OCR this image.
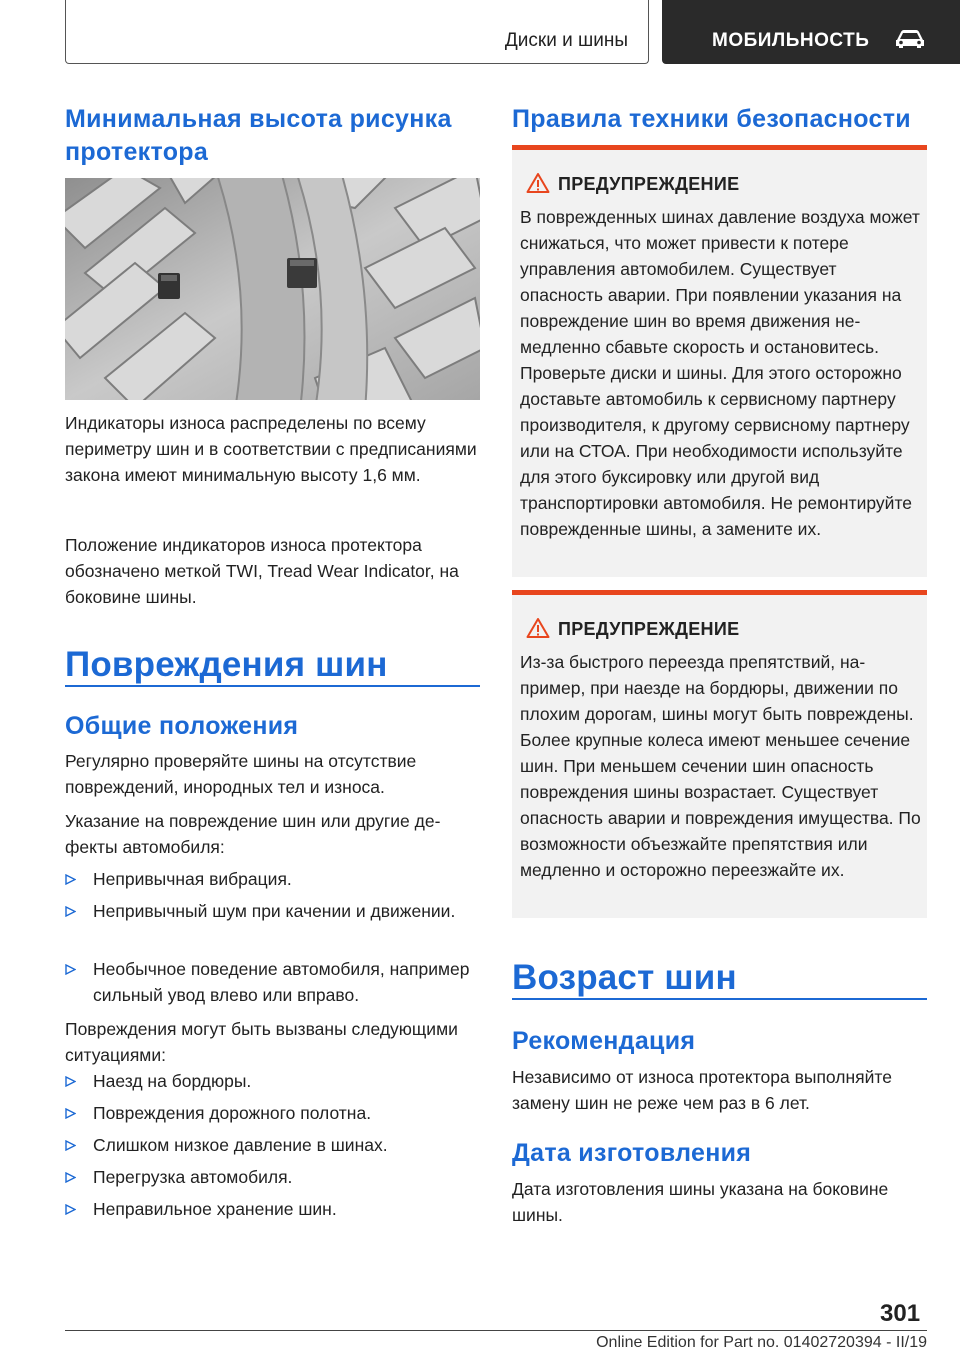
Диски и шины	МОБИЛЬНОСТЬ
Минимальная высота рисунка протектора
Индикаторы износа распределены по всему периметру шин и в соответствии с предписаниями закона имеют минимальную высоту 1,6 мм.
Положение индикаторов износа протектора обозначено меткой TWI, Tread Wear Indicator, на боковине шины.
Повреждения шин
Общие положения
Регулярно проверяйте шины на отсутствие повреждений, инородных тел и износа.
Указание на повреждение шин или другие дефекты автомобиля:
Непривычная вибрация.
Непривычный шум при качении и движении.
Необычное поведение автомобиля, например сильный увод влево или вправо.
Повреждения могут быть вызваны следующими ситуациями:
Наезд на бордюры.
Повреждения дорожного полотна.
Слишком низкое давление в шинах.
Перегрузка автомобиля.
Неправильное хранение шин.
Правила техники безопасности
ПРЕДУПРЕЖДЕНИЕ
В поврежденных шинах давление воздуха может снижаться, что может привести к потере управления автомобилем. Существует опасность аварии. При появлении указания на повреждение шин во время движения немедленно сбавьте скорость и остановитесь. Проверьте диски и шины. Для этого осторожно доставьте автомобиль к сервисному партнеру производителя, к другому сервисному партнеру или на СТОА. При необходимости используйте для этого буксировку или другой вид транспортировки автомобиля. Не ремонтируйте поврежденные шины, а замените их.
ПРЕДУПРЕЖДЕНИЕ
Из-за быстрого переезда препятствий, например, при наезде на бордюры, движении по плохим дорогам, шины могут быть повреждены. Более крупные колеса имеют меньшее сечение шин. При меньшем сечении шин опасность повреждения шины возрастает. Существует опасность аварии и повреждения имущества. По возможности объезжайте препятствия или медленно и осторожно переезжайте их.
Возраст шин
Рекомендация
Независимо от износа протектора выполняйте замену шин не реже чем раз в 6 лет.
Дата изготовления
Дата изготовления шины указана на боковине шины.
301
Online Edition for Part no. 01402720394 - II/19
